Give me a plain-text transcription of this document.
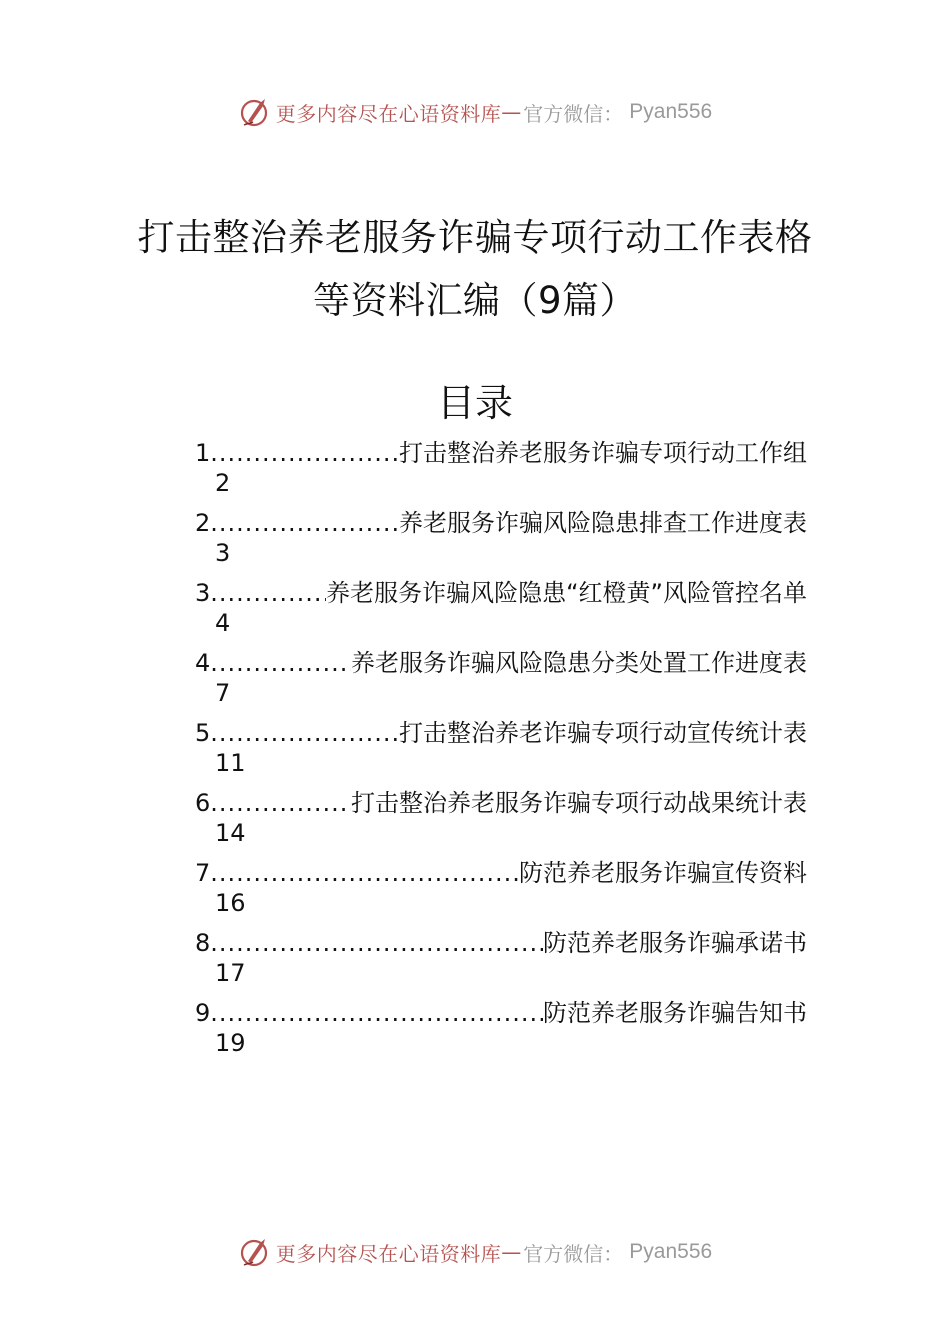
更多内容尽在心语资料库 — 官方微信： Pyan556
打击整治养老服务诈骗专项行动工作表格
等资料汇编（9篇）
目录
1 .....	打击整治养老服务诈骗专项行动工作组
2
2 .....	养老服务诈骗风险隐患排查工作进度表
3
3 .....	养老服务诈骗风险隐患“红橙黄”风险管控名单
4
4 .....	养老服务诈骗风险隐患分类处置工作进度表
7
5 .....	打击整治养老诈骗专项行动宣传统计表
11
6 .....	打击整治养老服务诈骗专项行动战果统计表
14
7 .....	防范养老服务诈骗宣传资料
16
8 .....	防范养老服务诈骗承诺书
17
9 .....	防范养老服务诈骗告知书
19
更多内容尽在心语资料库 — 官方微信： Pyan556
